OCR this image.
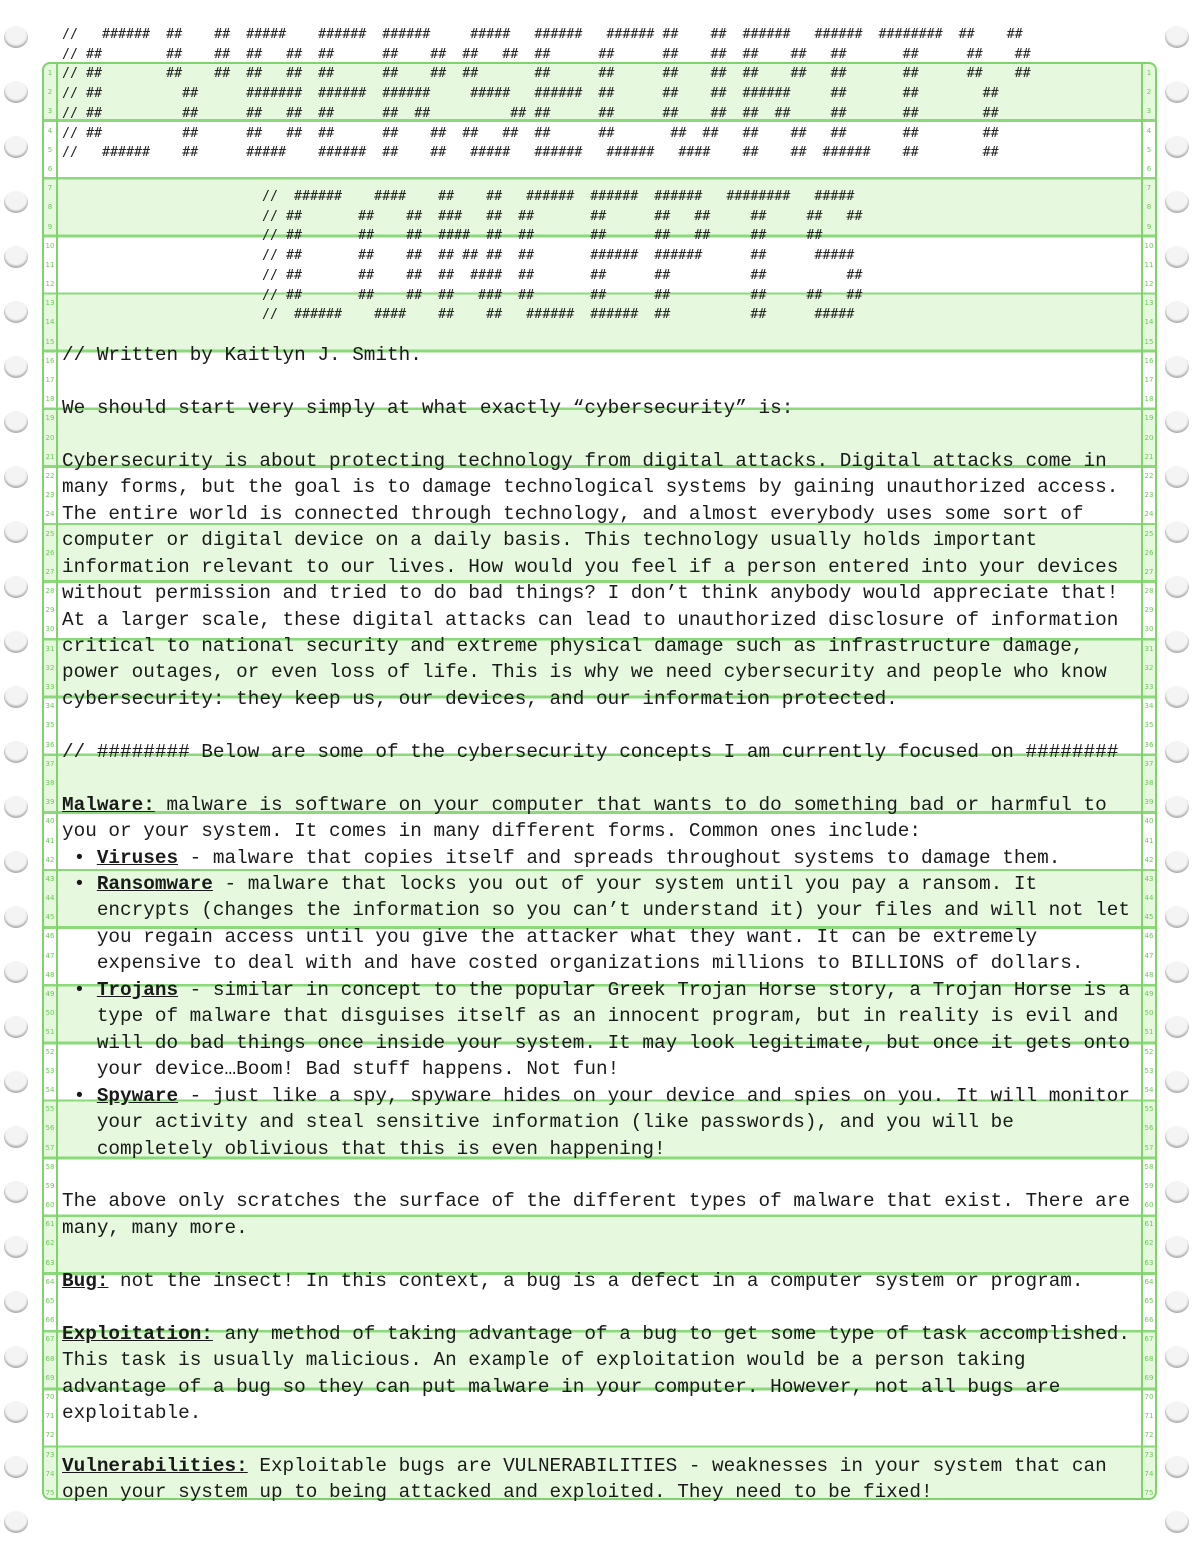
1
2
3
4
5
6
7
8
9
10
11
12
13
14
15
16
17
18
19
20
21
22
23
24
25
26
27
28
29
30
31
32
33
34
35
36
37
38
39
40
41
42
43
44
45
46
47
48
49
50
51
52
53
54
55
56
57
58
59
60
61
62
63
64
65
66
67
68
69
70
71
72
73
74
75
1
2
3
4
5
6
7
8
9
10
11
12
13
14
15
16
17
18
19
20
21
22
23
24
25
26
27
28
29
30
31
32
33
34
35
36
37
38
39
40
41
42
43
44
45
46
47
48
49
50
51
52
53
54
55
56
57
58
59
60
61
62
63
64
65
66
67
68
69
70
71
72
73
74
75
//   ######  ##    ##  #####    ######  ######     #####   ######   ###### ##    ##  ######   ######  ########  ##    ##
// ##        ##    ##  ##   ##  ##      ##    ##  ##   ##  ##      ##      ##    ##  ##    ##   ##       ##      ##    ##
// ##        ##    ##  ##   ##  ##      ##    ##  ##       ##      ##      ##    ##  ##    ##   ##       ##      ##    ##
// ##          ##      #######  ######  ######     #####   ######  ##      ##    ##  ######     ##       ##        ##
// ##          ##      ##   ##  ##      ##  ##          ## ##      ##      ##    ##  ##  ##     ##       ##        ##
// ##          ##      ##   ##  ##      ##    ##  ##   ##  ##      ##       ##  ##   ##    ##   ##       ##        ##
//   ######    ##      #####    ######  ##    ##   #####   ######   ######   ####    ##    ##  ######    ##        ##
//  ######    ####    ##    ##   ######  ######  ######   ########   #####
// ##       ##    ##  ###   ##  ##       ##      ##   ##     ##     ##   ##
// ##       ##    ##  ####  ##  ##       ##      ##   ##     ##     ##
// ##       ##    ##  ## ## ##  ##       ######  ######      ##      #####
// ##       ##    ##  ##  ####  ##       ##      ##          ##          ##
// ##       ##    ##  ##   ###  ##       ##      ##          ##     ##   ##
//  ######    ####    ##    ##   ######  ######  ##          ##      #####

// Written by Kaitlyn J. Smith.

We should start very simply at what exactly “cybersecurity” is:

Cybersecurity is about protecting technology from digital attacks. Digital attacks come in many forms, but the goal is to damage technological systems by gaining unauthorized access. The entire world is connected through technology, and almost everybody uses some sort of computer or digital device on a daily basis. This technology usually holds important information relevant to our lives. How would you feel if a person entered into your devices without permission and tried to do bad things? I don’t think anybody would appreciate that! At a larger scale, these digital attacks can lead to unauthorized disclosure of information critical to national security and extreme physical damage such as infrastructure damage, power outages, or even loss of life. This is why we need cybersecurity and people who know cybersecurity: they keep us, our devices, and our information protected.

// ######## Below are some of the cybersecurity concepts I am currently focused on ########

Malware: malware is software on your computer that wants to do something bad or harmful to you or your system. It comes in many different forms. Common ones include:
• Viruses - malware that copies itself and spreads throughout systems to damage them.
• Ransomware - malware that locks you out of your system until you pay a ransom. It encrypts (changes the information so you can’t understand it) your files and will not let you regain access until you give the attacker what they want. It can be extremely expensive to deal with and have costed organizations millions to BILLIONS of dollars.
• Trojans - similar in concept to the popular Greek Trojan Horse story, a Trojan Horse is a type of malware that disguises itself as an innocent program, but in reality is evil and will do bad things once inside your system. It may look legitimate, but once it gets onto your device…Boom! Bad stuff happens. Not fun!
• Spyware - just like a spy, spyware hides on your device and spies on you. It will monitor your activity and steal sensitive information (like passwords), and you will be completely oblivious that this is even happening!

The above only scratches the surface of the different types of malware that exist. There are many, many more.

Bug: not the insect! In this context, a bug is a defect in a computer system or program.

Exploitation: any method of taking advantage of a bug to get some type of task accomplished. This task is usually malicious. An example of exploitation would be a person taking advantage of a bug so they can put malware in your computer. However, not all bugs are exploitable.

Vulnerabilities: Exploitable bugs are VULNERABILITIES - weaknesses in your system that can open your system up to being attacked and exploited. They need to be fixed!
